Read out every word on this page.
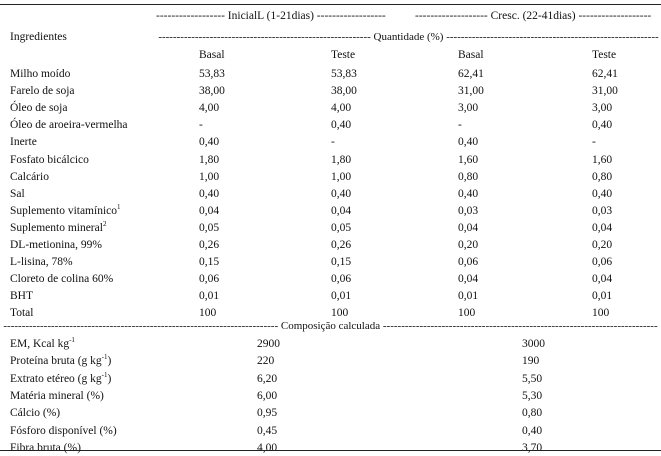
------------------ InicialL (1-21dias) ------------------	------------------- Cresc. (22-41dias) -------------------
Ingredientes	---------------------------------------------------------- Quantidade (%) ----------------------------------------------------------
Basal	Teste	Basal	Teste
Milho moído	53,83	53,83	62,41	62,41
Farelo de soja	38,00	38,00	31,00	31,00
Óleo de soja	4,00	4,00	3,00	3,00
Óleo de aroeira-vermelha	-	0,40	-	0,40
Inerte	0,40	-	0,40	-
Fosfato bicálcico	1,80	1,80	1,60	1,60
Calcário	1,00	1,00	0,80	0,80
Sal	0,40	0,40	0,40	0,40
Suplemento vitamínico$^1$	0,04	0,04	0,03	0,03
Suplemento mineral$^2$	0,05	0,05	0,04	0,04
DL-metionina, 99%	0,26	0,26	0,20	0,20
L-lisina, 78%	0,15	0,15	0,06	0,06
Cloreto de colina 60%	0,06	0,06	0,04	0,04
BHT	0,01	0,01	0,01	0,01
Total	100	100	100	100
--------------------------------------------------------------------------- Composição calculada ---------------------------------------------------------------------------
EM, Kcal $kg^{-1}$	2900	3000
Proteína bruta (g $kg^{-1}$)	220	190
Extrato etéreo (g $kg^{-1}$)	6,20	5,50
Matéria mineral (%)	6,00	5,30
Cálcio (%)	0,95	0,80
Fósforo disponível (%)	0,45	0,40
Fibra bruta (%)	4,00	3,70
